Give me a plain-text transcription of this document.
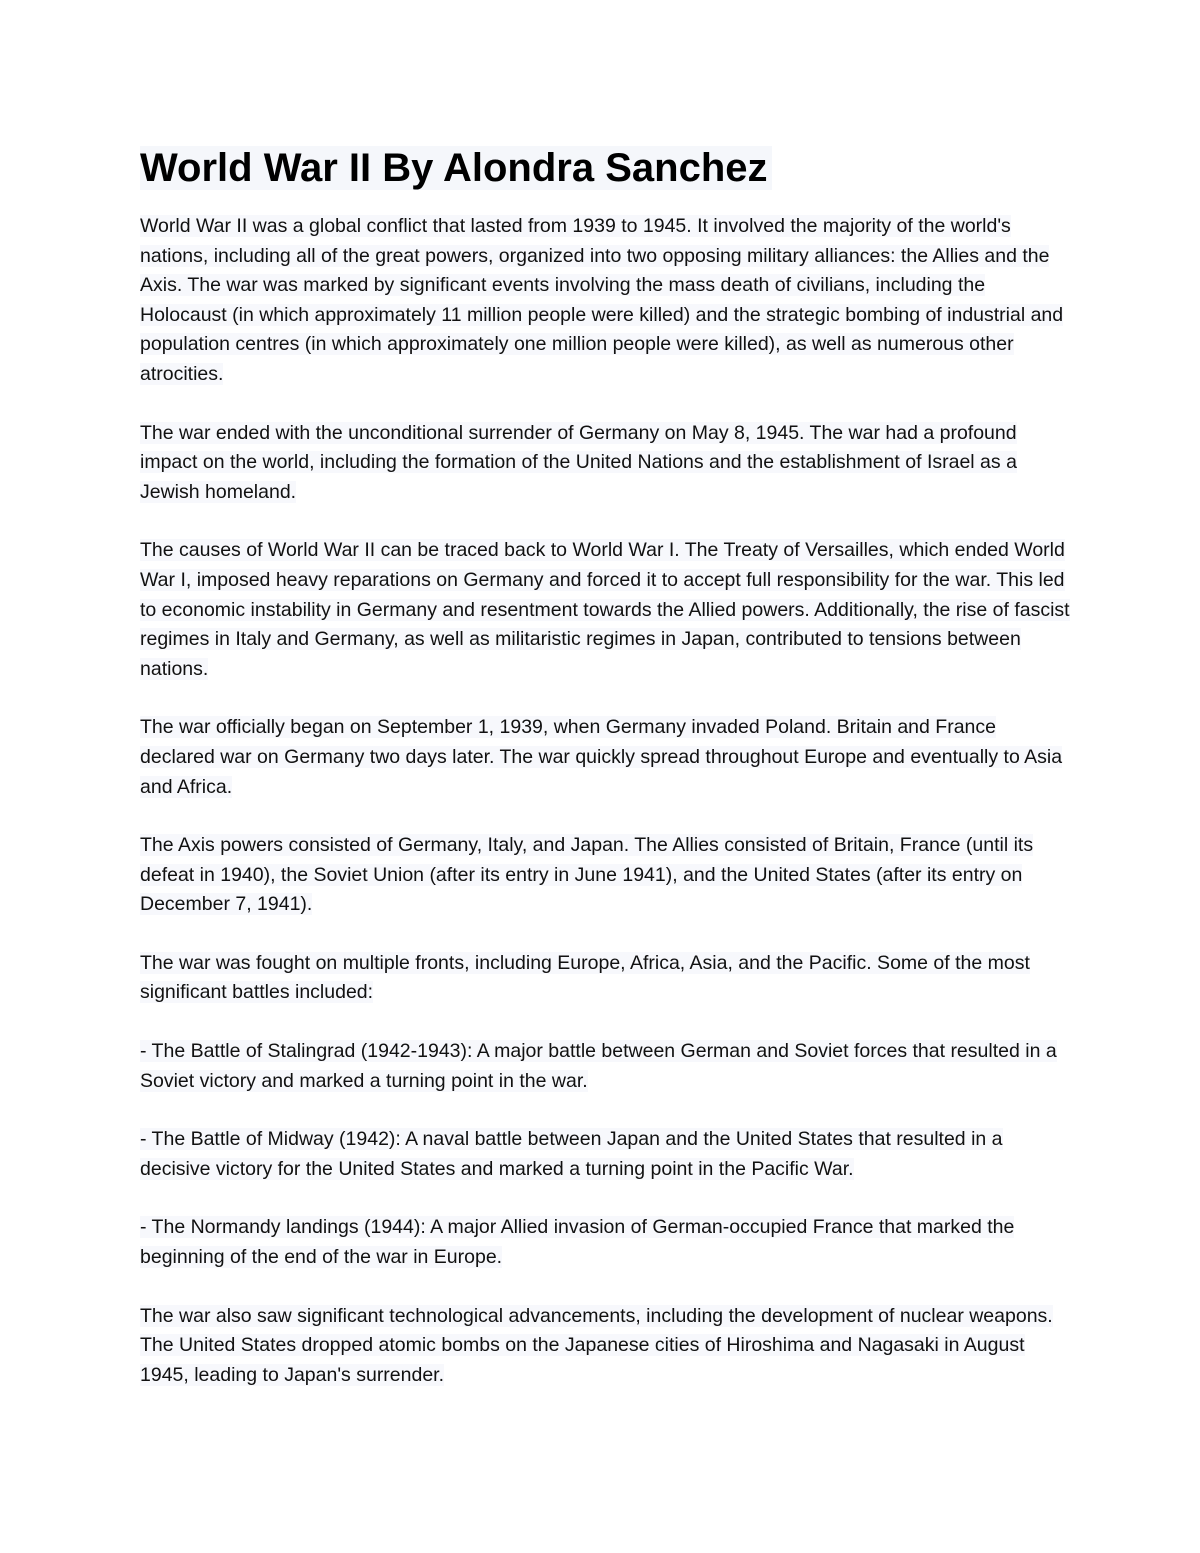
World War II By Alondra Sanchez

World War II was a global conflict that lasted from 1939 to 1945. It involved the majority of the world's nations, including all of the great powers, organized into two opposing military alliances: the Allies and the Axis. The war was marked by significant events involving the mass death of civilians, including the Holocaust (in which approximately 11 million people were killed) and the strategic bombing of industrial and population centres (in which approximately one million people were killed), as well as numerous other atrocities.

The war ended with the unconditional surrender of Germany on May 8, 1945. The war had a profound impact on the world, including the formation of the United Nations and the establishment of Israel as a Jewish homeland.

The causes of World War II can be traced back to World War I. The Treaty of Versailles, which ended World War I, imposed heavy reparations on Germany and forced it to accept full responsibility for the war. This led to economic instability in Germany and resentment towards the Allied powers. Additionally, the rise of fascist regimes in Italy and Germany, as well as militaristic regimes in Japan, contributed to tensions between nations.

The war officially began on September 1, 1939, when Germany invaded Poland. Britain and France declared war on Germany two days later. The war quickly spread throughout Europe and eventually to Asia and Africa.

The Axis powers consisted of Germany, Italy, and Japan. The Allies consisted of Britain, France (until its defeat in 1940), the Soviet Union (after its entry in June 1941), and the United States (after its entry on December 7, 1941).

The war was fought on multiple fronts, including Europe, Africa, Asia, and the Pacific. Some of the most significant battles included:

- The Battle of Stalingrad (1942-1943): A major battle between German and Soviet forces that resulted in a Soviet victory and marked a turning point in the war.

- The Battle of Midway (1942): A naval battle between Japan and the United States that resulted in a decisive victory for the United States and marked a turning point in the Pacific War.

- The Normandy landings (1944): A major Allied invasion of German-occupied France that marked the beginning of the end of the war in Europe.

The war also saw significant technological advancements, including the development of nuclear weapons. The United States dropped atomic bombs on the Japanese cities of Hiroshima and Nagasaki in August 1945, leading to Japan's surrender.
